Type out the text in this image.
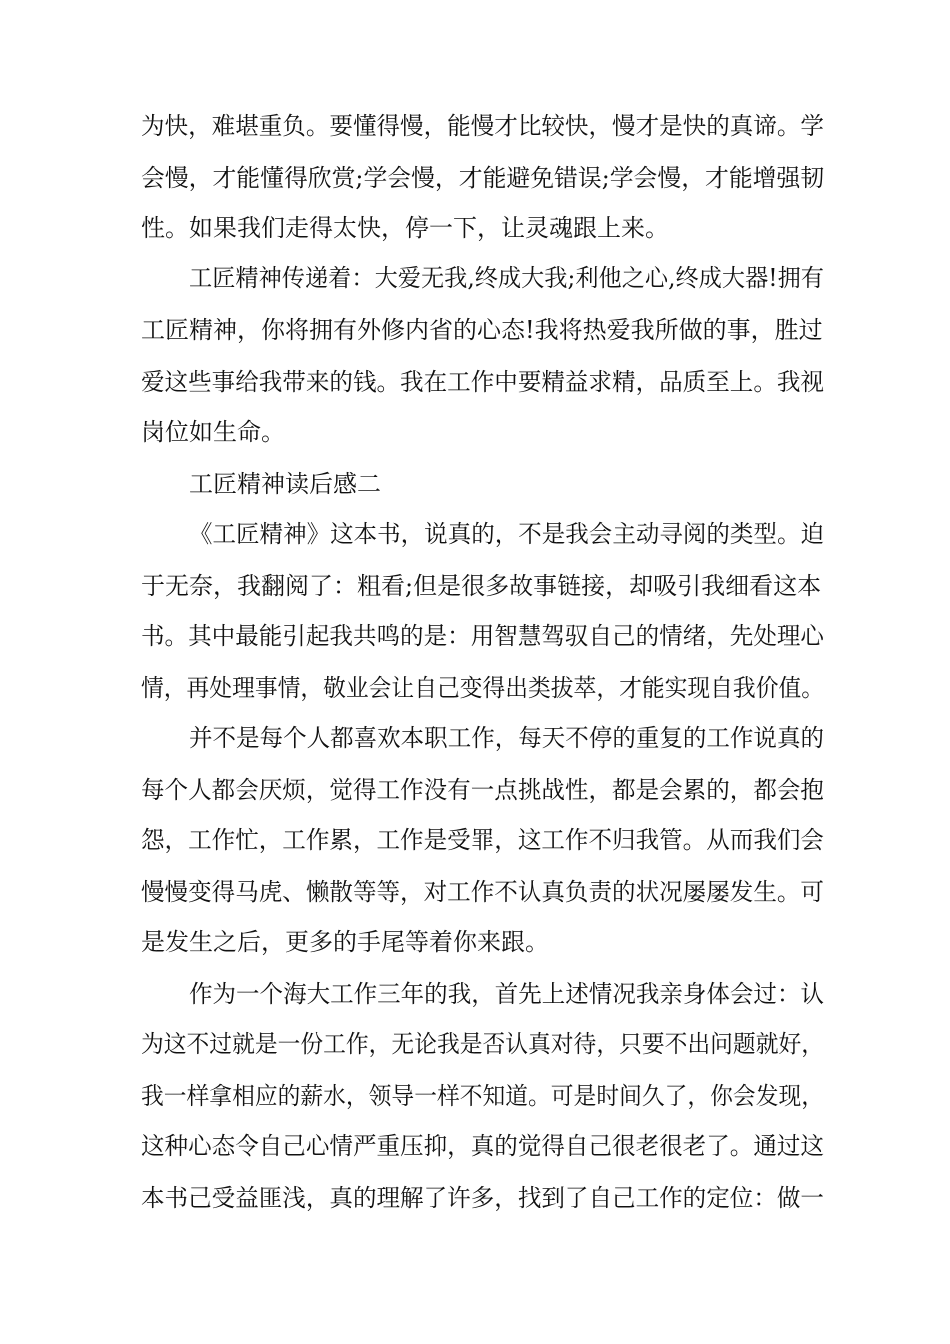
为快，难堪重负。要懂得慢，能慢才比较快，慢才是快的真谛。学
会慢，才能懂得欣赏;学会慢，才能避免错误;学会慢，才能增强韧
性。如果我们走得太快，停一下，让灵魂跟上来。
工匠精神传递着：大爱无我,终成大我;利他之心,终成大器!拥有
工匠精神，你将拥有外修内省的心态!我将热爱我所做的事，胜过
爱这些事给我带来的钱。我在工作中要精益求精，品质至上。我视
岗位如生命。
工匠精神读后感二
《工匠精神》这本书，说真的，不是我会主动寻阅的类型。迫
于无奈，我翻阅了：粗看;但是很多故事链接，却吸引我细看这本
书。其中最能引起我共鸣的是：用智慧驾驭自己的情绪，先处理心
情，再处理事情，敬业会让自己变得出类拔萃，才能实现自我价值。
并不是每个人都喜欢本职工作，每天不停的重复的工作说真的
每个人都会厌烦，觉得工作没有一点挑战性，都是会累的，都会抱
怨，工作忙，工作累，工作是受罪，这工作不归我管。从而我们会
慢慢变得马虎、懒散等等，对工作不认真负责的状况屡屡发生。可
是发生之后，更多的手尾等着你来跟。
作为一个海大工作三年的我，首先上述情况我亲身体会过：认
为这不过就是一份工作，无论我是否认真对待，只要不出问题就好，
我一样拿相应的薪水，领导一样不知道。可是时间久了，你会发现，
这种心态令自己心情严重压抑，真的觉得自己很老很老了。通过这
本书己受益匪浅，真的理解了许多，找到了自己工作的定位：做一
